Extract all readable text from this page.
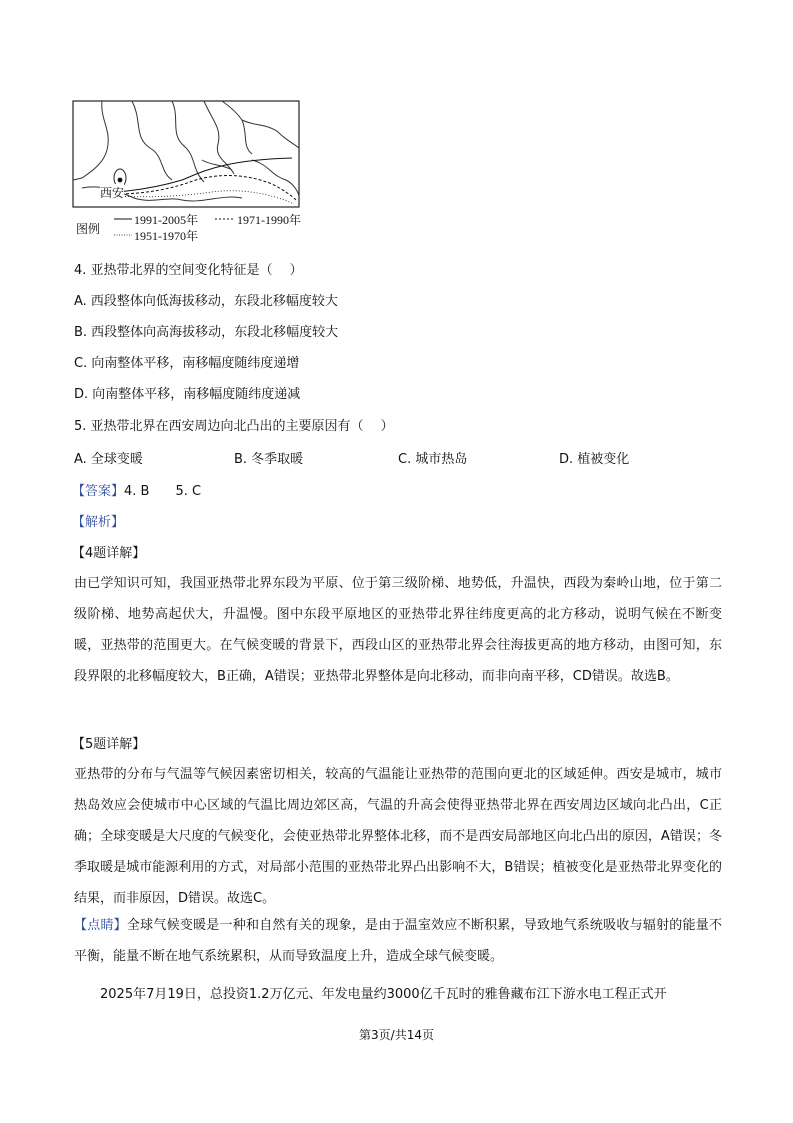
西安
图例
1991-2005年	1971-1990年
1951-1970年
4. 亚热带北界的空间变化特征是（　 ）
A. 西段整体向低海拔移动，东段北移幅度较大
B. 西段整体向高海拔移动，东段北移幅度较大
C. 向南整体平移，南移幅度随纬度递增
D. 向南整体平移，南移幅度随纬度递减
5. 亚热带北界在西安周边向北凸出的主要原因有（　 ）
A. 全球变暖	B. 冬季取暖	C. 城市热岛	D. 植被变化
【答案】4. B　　5. C
【解析】
【4题详解】
由已学知识可知，我国亚热带北界东段为平原、位于第三级阶梯、地势低，升温快，西段为秦岭山地，位于第二级阶梯、地势高起伏大，升温慢。图中东段平原地区的亚热带北界往纬度更高的北方移动，说明气候在不断变暖，亚热带的范围更大。在气候变暖的背景下，西段山区的亚热带北界会往海拔更高的地方移动，由图可知，东段界限的北移幅度较大，B正确，A错误；亚热带北界整体是向北移动，而非向南平移，CD错误。故选B。
【5题详解】
亚热带的分布与气温等气候因素密切相关，较高的气温能让亚热带的范围向更北的区域延伸。西安是城市，城市热岛效应会使城市中心区域的气温比周边郊区高，气温的升高会使得亚热带北界在西安周边区域向北凸出，C正确；全球变暖是大尺度的气候变化，会使亚热带北界整体北移，而不是西安局部地区向北凸出的原因，A错误；冬季取暖是城市能源利用的方式，对局部小范围的亚热带北界凸出影响不大，B错误；植被变化是亚热带北界变化的结果，而非原因，D错误。故选C。
【点睛】全球气候变暖是一种和自然有关的现象，是由于温室效应不断积累，导致地气系统吸收与辐射的能量不平衡，能量不断在地气系统累积，从而导致温度上升，造成全球气候变暖。
2025年7月19日，总投资1.2万亿元、年发电量约3000亿千瓦时的雅鲁藏布江下游水电工程正式开
第3页/共14页
